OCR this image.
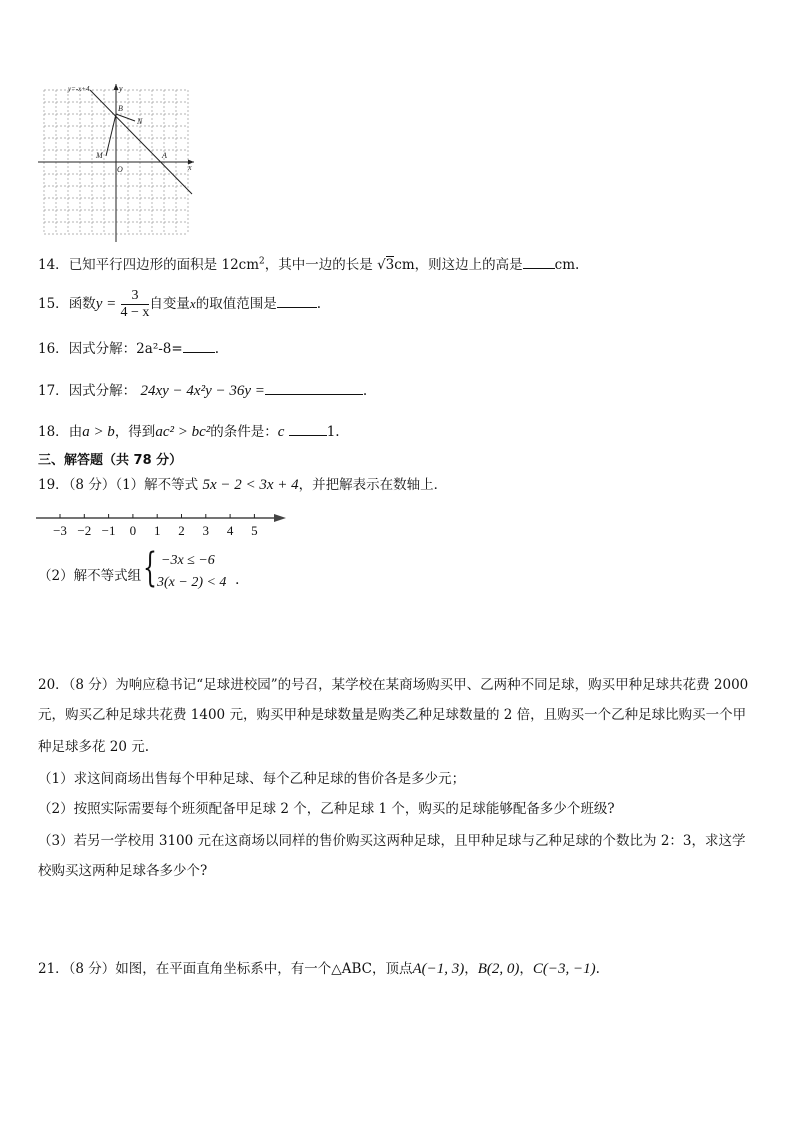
y=-x+4	y
x
O
B
N
M	A
14．已知平行四边形的面积是 $12cm^2$，其中一边的长是 √3cm，则这边上的高是 cm.
15．函数$y = \frac{3}{4 - x}$ 自变量x的取值范围是	.
16．因式分解：2a²-8= .
17．因式分解： 24xy − 4x²y − 36y =	.
18．由a > b，得到ac² > bc²的条件是：c	1.
三、解答题（共 78 分）
19．（8 分）（1）解不等式 5x − 2 < 3x + 4，并把解表示在数轴上．
−3 −2 −1 0 1 2 3 4 5
（2）解不等式组 { −3x ≤ −6
3(x − 2) < 4 .
20．（8 分）为响应稳书记“足球进校园”的号召，某学校在某商场购买甲、乙两种不同足球，购买甲种足球共花费 2000
元，购买乙种足球共花费 1400 元，购买甲种是球数量是购类乙种足球数量的 2 倍，且购买一个乙种足球比购买一个甲
种足球多花 20 元.
（1）求这间商场出售每个甲种足球、每个乙种足球的售价各是多少元；
（2）按照实际需要每个班须配备甲足球 2 个，乙种足球 1 个，购买的足球能够配备多少个班级?
（3）若另一学校用 3100 元在这商场以同样的售价购买这两种足球，且甲种足球与乙种足球的个数比为 2：3，求这学
校购买这两种足球各多少个?
21．（8 分）如图，在平面直角坐标系中，有一个△ABC，顶点A(−1, 3)，B(2, 0)，C(−3, −1).
